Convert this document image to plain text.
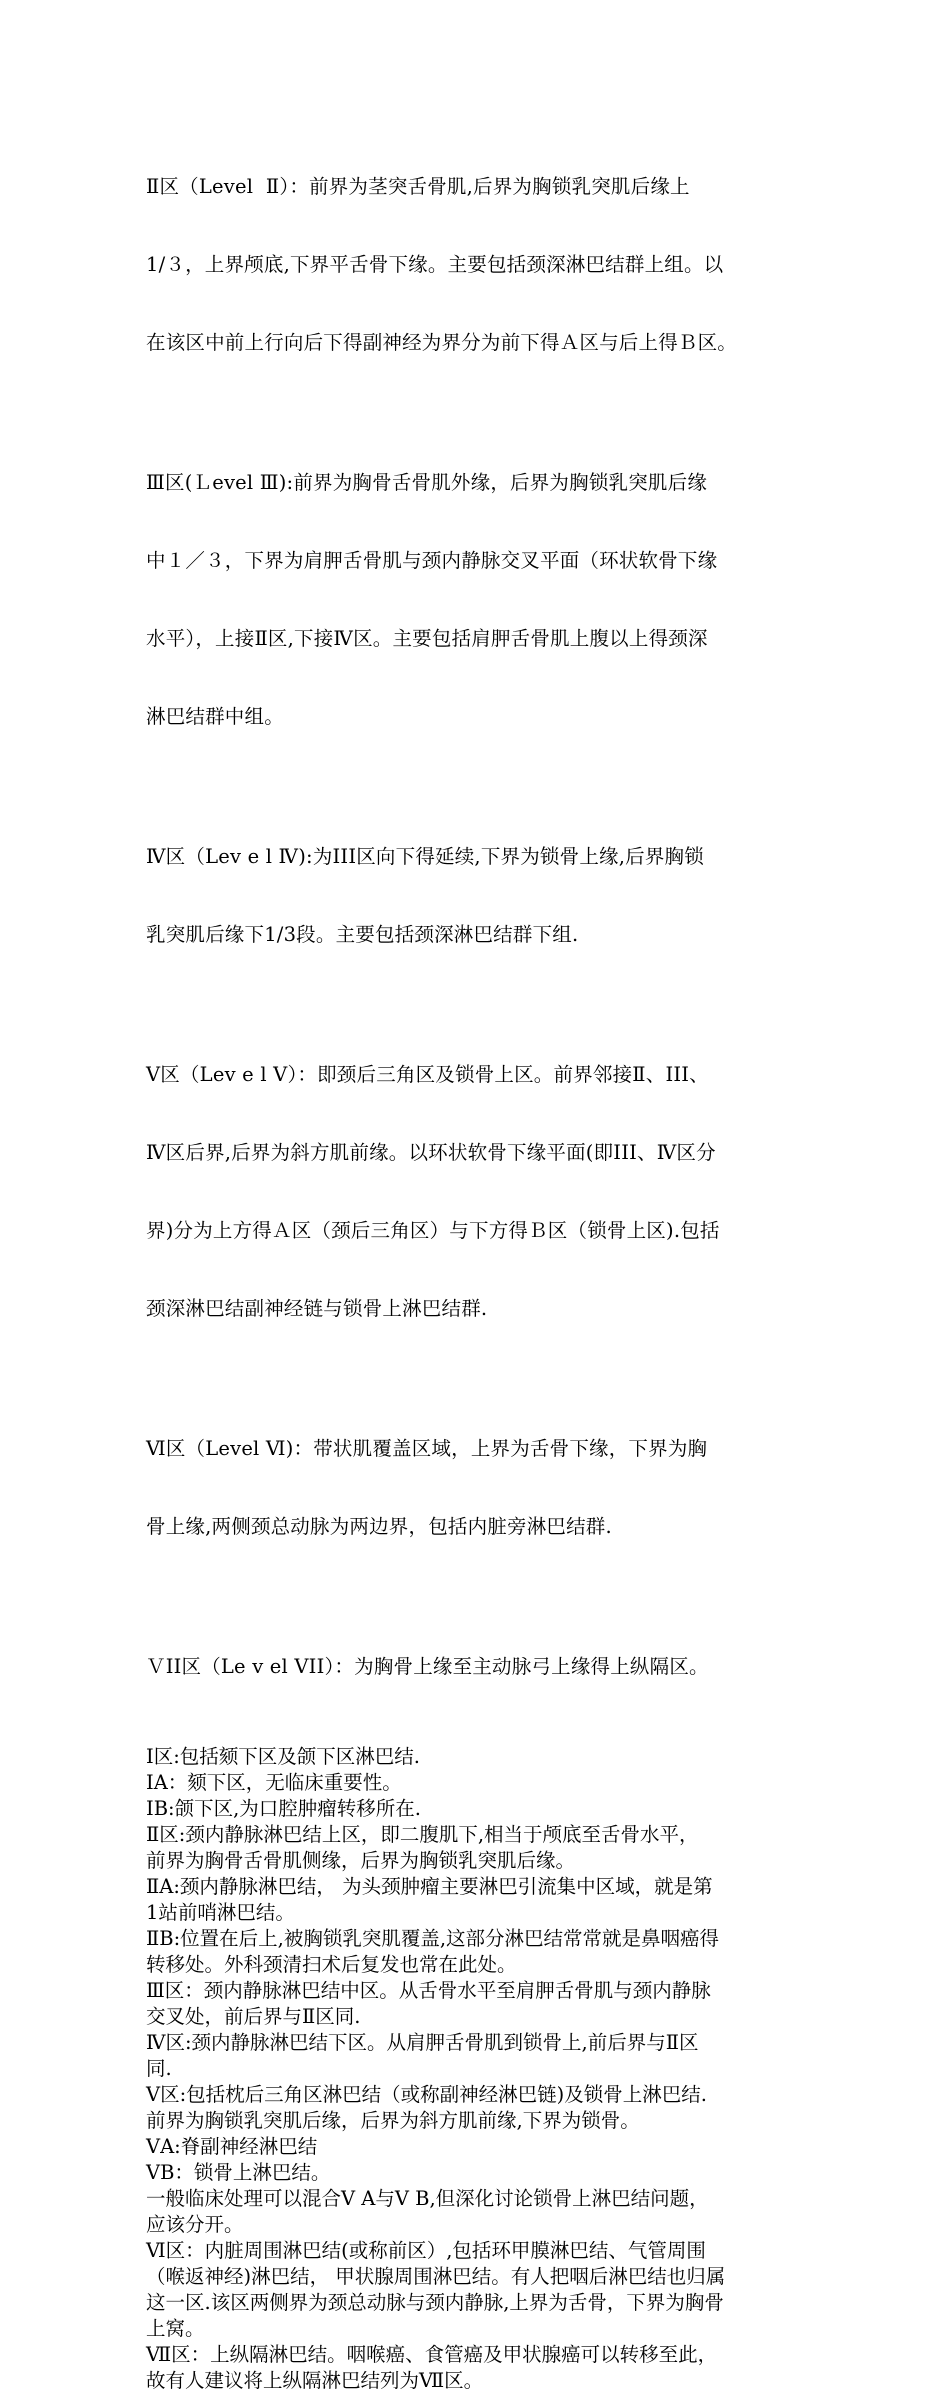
Ⅱ区（Level  Ⅱ）：前界为茎突舌骨肌,后界为胸锁乳突肌后缘上

1/３，上界颅底,下界平舌骨下缘。主要包括颈深淋巴结群上组。以

在该区中前上行向后下得副神经为界分为前下得Ａ区与后上得Ｂ区。

Ⅲ区(Ｌevel Ⅲ):前界为胸骨舌骨肌外缘，后界为胸锁乳突肌后缘

中１／３，下界为肩胛舌骨肌与颈内静脉交叉平面（环状软骨下缘

水平），上接Ⅱ区,下接Ⅳ区。主要包括肩胛舌骨肌上腹以上得颈深

淋巴结群中组。

Ⅳ区（Lev e l Ⅳ):为III区向下得延续,下界为锁骨上缘,后界胸锁

乳突肌后缘下1/3段。主要包括颈深淋巴结群下组.

Ⅴ区（Lev e l Ⅴ）：即颈后三角区及锁骨上区。前界邻接Ⅱ、III、

Ⅳ区后界,后界为斜方肌前缘。以环状软骨下缘平面(即III、Ⅳ区分

界)分为上方得Ａ区（颈后三角区）与下方得Ｂ区（锁骨上区).包括

颈深淋巴结副神经链与锁骨上淋巴结群.

Ⅵ区（Level Ⅵ)：带状肌覆盖区域，上界为舌骨下缘，下界为胸

骨上缘,两侧颈总动脉为两边界，包括内脏旁淋巴结群.

ＶII区（Le v el VII）：为胸骨上缘至主动脉弓上缘得上纵隔区。

Ⅰ区:包括颏下区及颌下区淋巴结.

ⅠA：颏下区，无临床重要性。

ⅠB:颌下区,为口腔肿瘤转移所在.

Ⅱ区:颈内静脉淋巴结上区，即二腹肌下,相当于颅底至舌骨水平，

前界为胸骨舌骨肌侧缘，后界为胸锁乳突肌后缘。

ⅡA:颈内静脉淋巴结， 为头颈肿瘤主要淋巴引流集中区域，就是第

1站前哨淋巴结。

ⅡB:位置在后上,被胸锁乳突肌覆盖,这部分淋巴结常常就是鼻咽癌得

转移处。外科颈清扫术后复发也常在此处。

Ⅲ区：颈内静脉淋巴结中区。从舌骨水平至肩胛舌骨肌与颈内静脉

交叉处，前后界与Ⅱ区同.

Ⅳ区:颈内静脉淋巴结下区。从肩胛舌骨肌到锁骨上,前后界与Ⅱ区

同.

Ⅴ区:包括枕后三角区淋巴结（或称副神经淋巴链)及锁骨上淋巴结.

前界为胸锁乳突肌后缘，后界为斜方肌前缘,下界为锁骨。

ⅤA:脊副神经淋巴结

ⅤB：锁骨上淋巴结。

一般临床处理可以混合Ⅴ A与Ⅴ B,但深化讨论锁骨上淋巴结问题，

应该分开。

Ⅵ区：内脏周围淋巴结(或称前区）,包括环甲膜淋巴结、气管周围

（喉返神经)淋巴结， 甲状腺周围淋巴结。有人把咽后淋巴结也归属

这一区.该区两侧界为颈总动脉与颈内静脉,上界为舌骨，下界为胸骨

上窝。

Ⅶ区：上纵隔淋巴结。咽喉癌、食管癌及甲状腺癌可以转移至此，

故有人建议将上纵隔淋巴结列为Ⅶ区。
